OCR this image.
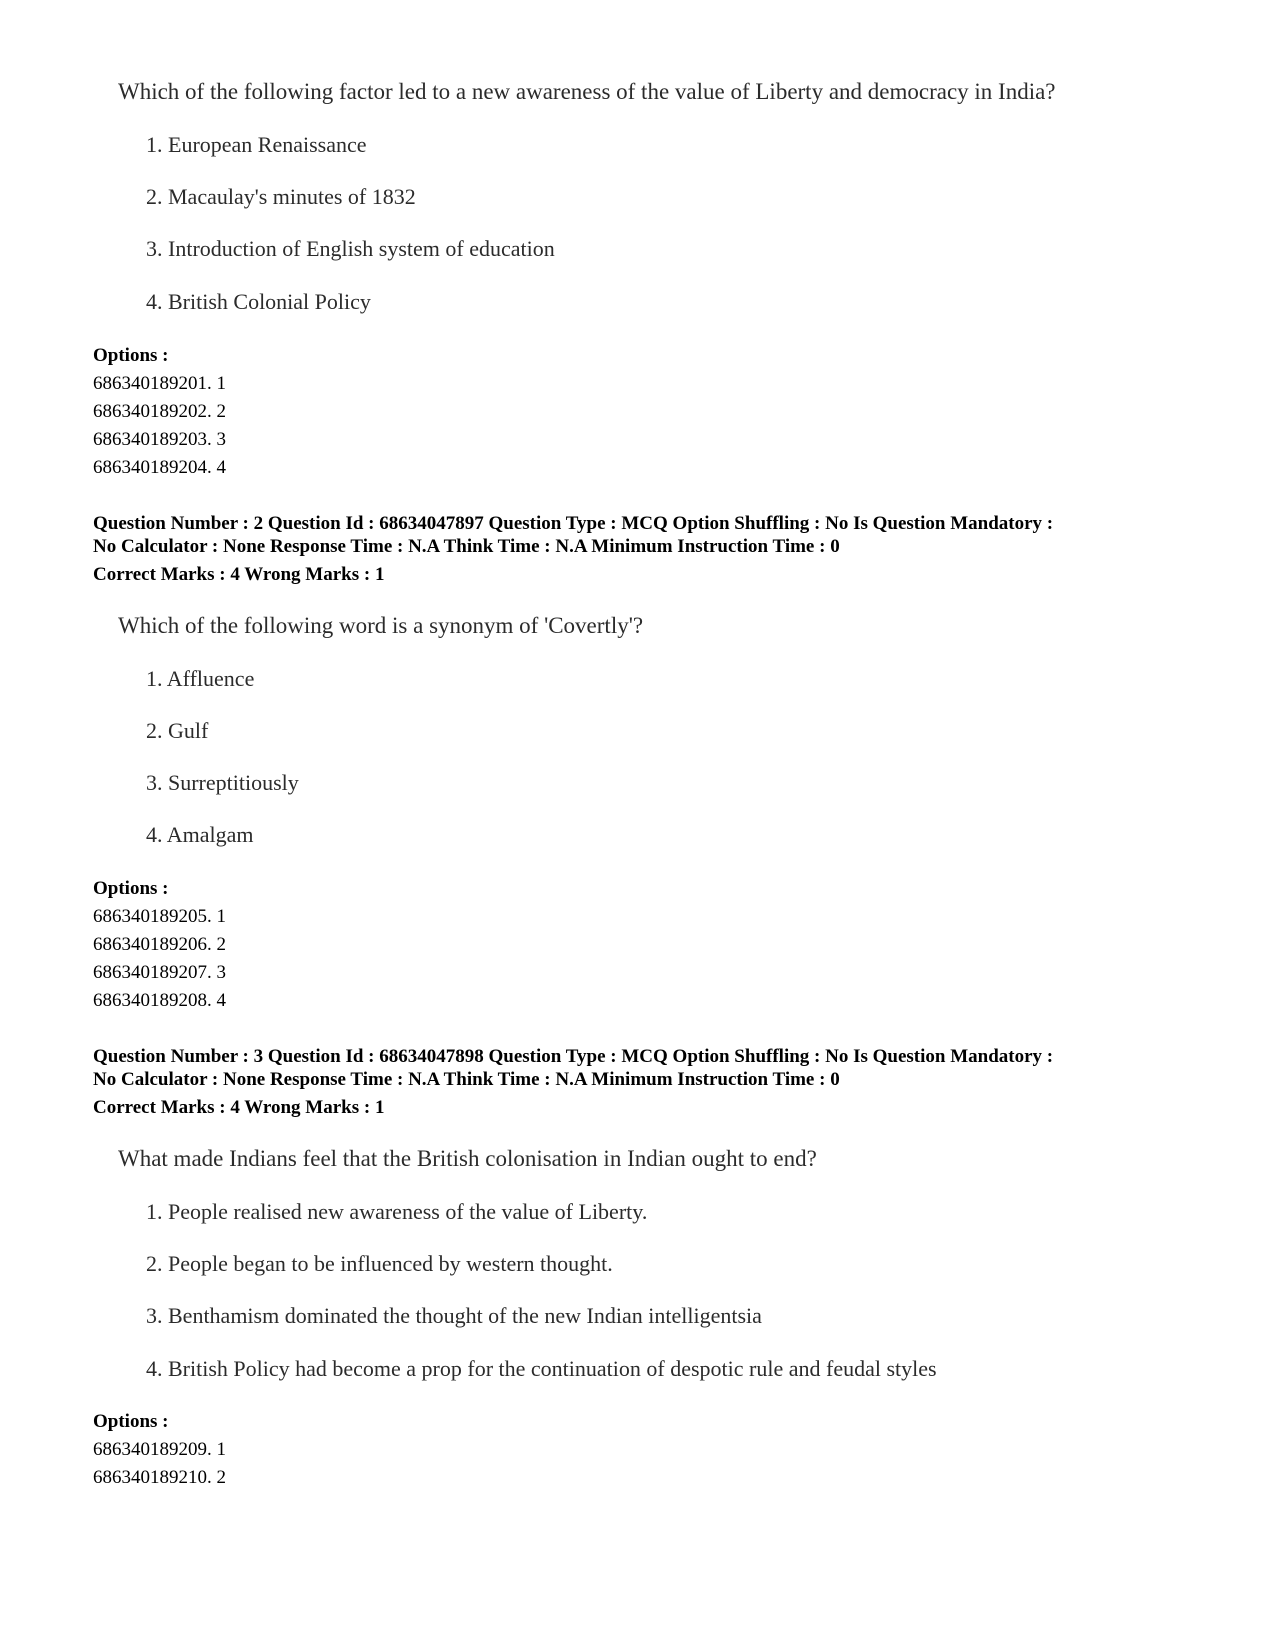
Which of the following factor led to a new awareness of the value of Liberty and democracy in India?
1. European Renaissance
2. Macaulay's minutes of 1832
3. Introduction of English system of education
4. British Colonial Policy
Options :
686340189201. 1
686340189202. 2
686340189203. 3
686340189204. 4
Question Number : 2 Question Id : 68634047897 Question Type : MCQ Option Shuffling : No Is Question Mandatory :
No Calculator : None Response Time : N.A Think Time : N.A Minimum Instruction Time : 0
Correct Marks : 4 Wrong Marks : 1
Which of the following word is a synonym of 'Covertly'?
1. Affluence
2. Gulf
3. Surreptitiously
4. Amalgam
Options :
686340189205. 1
686340189206. 2
686340189207. 3
686340189208. 4
Question Number : 3 Question Id : 68634047898 Question Type : MCQ Option Shuffling : No Is Question Mandatory :
No Calculator : None Response Time : N.A Think Time : N.A Minimum Instruction Time : 0
Correct Marks : 4 Wrong Marks : 1
What made Indians feel that the British colonisation in Indian ought to end?
1. People realised new awareness of the value of Liberty.
2. People began to be influenced by western thought.
3. Benthamism dominated the thought of the new Indian intelligentsia
4. British Policy had become a prop for the continuation of despotic rule and feudal styles
Options :
686340189209. 1
686340189210. 2
